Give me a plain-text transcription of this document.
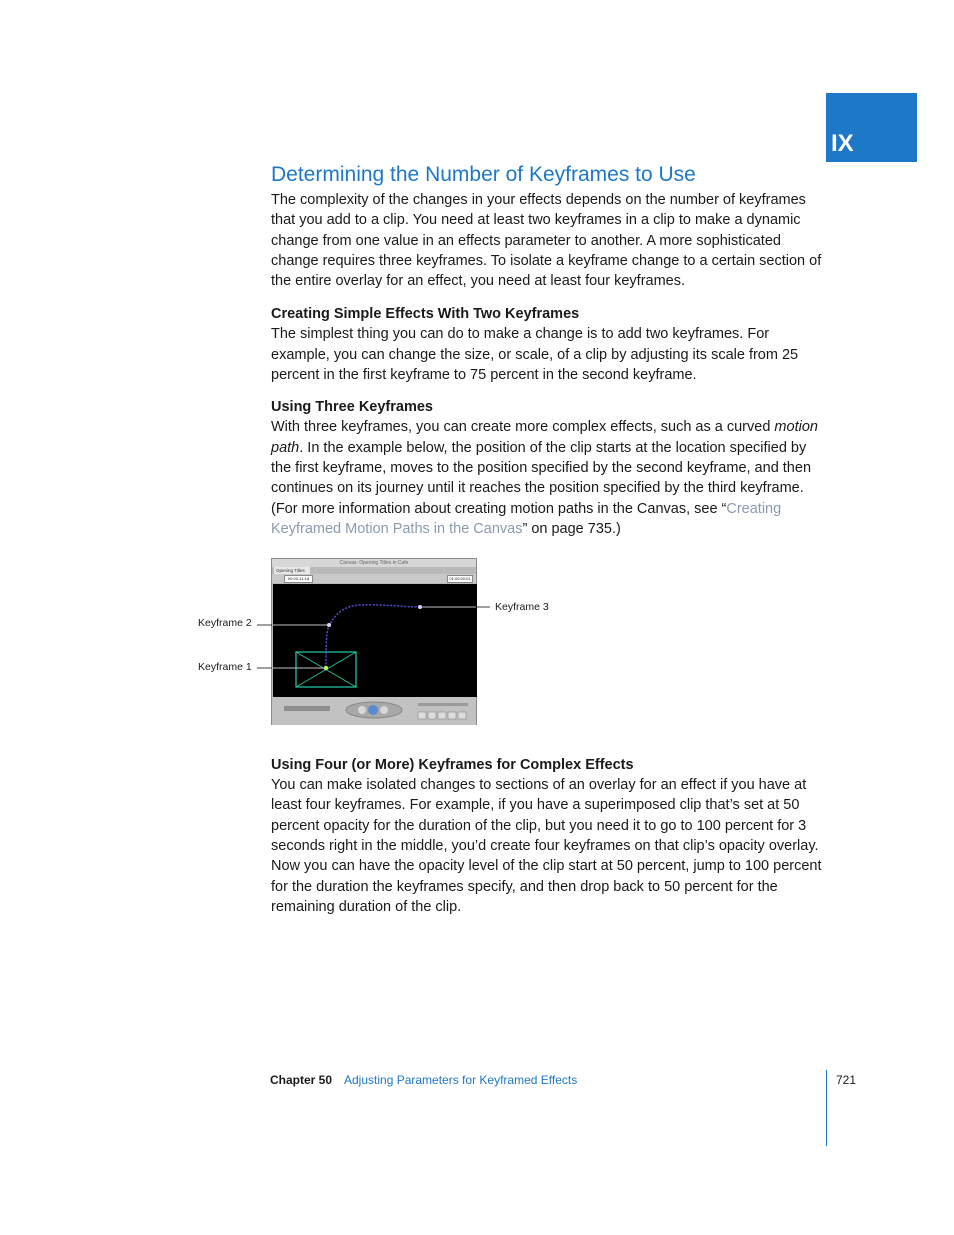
IX
Determining the Number of Keyframes to Use

The complexity of the changes in your effects depends on the number of keyframes that you add to a clip. You need at least two keyframes in a clip to make a dynamic change from one value in an effects parameter to another. A more sophisticated change requires three keyframes. To isolate a keyframe change to a certain section of the entire overlay for an effect, you need at least four keyframes.

Creating Simple Effects With Two Keyframes

The simplest thing you can do to make a change is to add two keyframes. For example, you can change the size, or scale, of a clip by adjusting its scale from 25 percent in the first keyframe to 75 percent in the second keyframe.

Using Three Keyframes

With three keyframes, you can create more complex effects, such as a curved motion path. In the example below, the position of the clip starts at the location specified by the first keyframe, moves to the position specified by the second keyframe, and then continues on its journey until it reaches the position specified by the third keyframe. (For more information about creating motion paths in the Canvas, see “Creating Keyframed Motion Paths in the Canvas” on page 735.)

Using Four (or More) Keyframes for Complex Effects

You can make isolated changes to sections of an overlay for an effect if you have at least four keyframes. For example, if you have a superimposed clip that’s set at 50 percent opacity for the duration of the clip, but you need it to go to 100 percent for 3 seconds right in the middle, you’d create four keyframes on that clip’s opacity overlay. Now you can have the opacity level of the clip start at 50 percent, jump to 100 percent for the duration the keyframes specify, and then drop back to 50 percent for the remaining duration of the clip.

Canvas: Opening Titles in Cafe
Opening Titles
00:00:14:18	01:00:00;01
Keyframe 2
Keyframe 1
Keyframe 3
Chapter 50 Adjusting Parameters for Keyframed Effects	721
